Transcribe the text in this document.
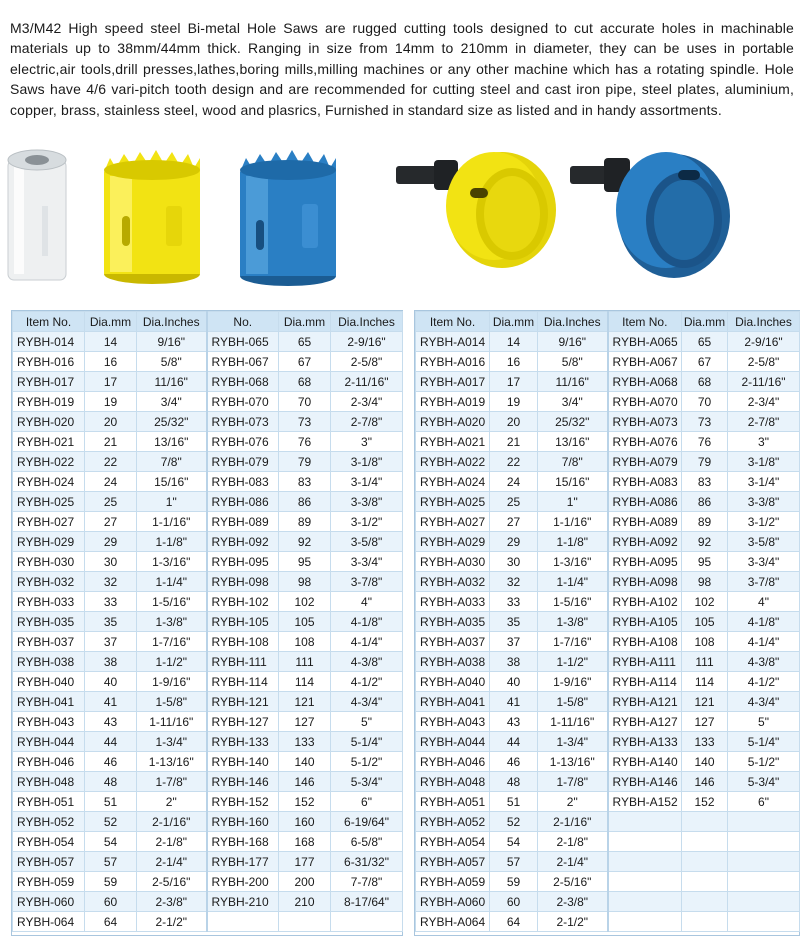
M3/M42 High speed steel Bi-metal Hole Saws are rugged cutting tools designed to cut accurate holes in machinable materials up to 38mm/44mm thick. Ranging in size from 14mm to 210mm in diameter, they can be uses in portable electric,air tools,drill presses,lathes,boring mills,milling machines or any other machine which has a rotating spindle. Hole Saws have 4/6 vari-pitch tooth design and are recommended for cutting steel and cast iron pipe, steel plates, aluminium, copper, brass, stainless steel, wood and plasrics, Furnished in standard size as listed and in handy assortments.

Item No.	Dia.mm	Dia.Inches	No.	Dia.mm	Dia.Inches
RYBH-014	14	9/16"	RYBH-065	65	2-9/16"
RYBH-016	16	5/8"	RYBH-067	67	2-5/8"
RYBH-017	17	11/16"	RYBH-068	68	2-11/16"
RYBH-019	19	3/4"	RYBH-070	70	2-3/4"
RYBH-020	20	25/32"	RYBH-073	73	2-7/8"
RYBH-021	21	13/16"	RYBH-076	76	3"
RYBH-022	22	7/8"	RYBH-079	79	3-1/8"
RYBH-024	24	15/16"	RYBH-083	83	3-1/4"
RYBH-025	25	1"	RYBH-086	86	3-3/8"
RYBH-027	27	1-1/16"	RYBH-089	89	3-1/2"
RYBH-029	29	1-1/8"	RYBH-092	92	3-5/8"
RYBH-030	30	1-3/16"	RYBH-095	95	3-3/4"
RYBH-032	32	1-1/4"	RYBH-098	98	3-7/8"
RYBH-033	33	1-5/16"	RYBH-102	102	4"
RYBH-035	35	1-3/8"	RYBH-105	105	4-1/8"
RYBH-037	37	1-7/16"	RYBH-108	108	4-1/4"
RYBH-038	38	1-1/2"	RYBH-111	111	4-3/8"
RYBH-040	40	1-9/16"	RYBH-114	114	4-1/2"
RYBH-041	41	1-5/8"	RYBH-121	121	4-3/4"
RYBH-043	43	1-11/16"	RYBH-127	127	5"
RYBH-044	44	1-3/4"	RYBH-133	133	5-1/4"
RYBH-046	46	1-13/16"	RYBH-140	140	5-1/2"
RYBH-048	48	1-7/8"	RYBH-146	146	5-3/4"
RYBH-051	51	2"	RYBH-152	152	6"
RYBH-052	52	2-1/16"	RYBH-160	160	6-19/64"
RYBH-054	54	2-1/8"	RYBH-168	168	6-5/8"
RYBH-057	57	2-1/4"	RYBH-177	177	6-31/32"
RYBH-059	59	2-5/16"	RYBH-200	200	7-7/8"
RYBH-060	60	2-3/8"	RYBH-210	210	8-17/64"
RYBH-064	64	2-1/2"			
Item No.	Dia.mm	Dia.Inches	Item No.	Dia.mm	Dia.Inches
RYBH-A014	14	9/16"	RYBH-A065	65	2-9/16"
RYBH-A016	16	5/8"	RYBH-A067	67	2-5/8"
RYBH-A017	17	11/16"	RYBH-A068	68	2-11/16"
RYBH-A019	19	3/4"	RYBH-A070	70	2-3/4"
RYBH-A020	20	25/32"	RYBH-A073	73	2-7/8"
RYBH-A021	21	13/16"	RYBH-A076	76	3"
RYBH-A022	22	7/8"	RYBH-A079	79	3-1/8"
RYBH-A024	24	15/16"	RYBH-A083	83	3-1/4"
RYBH-A025	25	1"	RYBH-A086	86	3-3/8"
RYBH-A027	27	1-1/16"	RYBH-A089	89	3-1/2"
RYBH-A029	29	1-1/8"	RYBH-A092	92	3-5/8"
RYBH-A030	30	1-3/16"	RYBH-A095	95	3-3/4"
RYBH-A032	32	1-1/4"	RYBH-A098	98	3-7/8"
RYBH-A033	33	1-5/16"	RYBH-A102	102	4"
RYBH-A035	35	1-3/8"	RYBH-A105	105	4-1/8"
RYBH-A037	37	1-7/16"	RYBH-A108	108	4-1/4"
RYBH-A038	38	1-1/2"	RYBH-A111	111	4-3/8"
RYBH-A040	40	1-9/16"	RYBH-A114	114	4-1/2"
RYBH-A041	41	1-5/8"	RYBH-A121	121	4-3/4"
RYBH-A043	43	1-11/16"	RYBH-A127	127	5"
RYBH-A044	44	1-3/4"	RYBH-A133	133	5-1/4"
RYBH-A046	46	1-13/16"	RYBH-A140	140	5-1/2"
RYBH-A048	48	1-7/8"	RYBH-A146	146	5-3/4"
RYBH-A051	51	2"	RYBH-A152	152	6"
RYBH-A052	52	2-1/16"			
RYBH-A054	54	2-1/8"			
RYBH-A057	57	2-1/4"			
RYBH-A059	59	2-5/16"			
RYBH-A060	60	2-3/8"			
RYBH-A064	64	2-1/2"			
